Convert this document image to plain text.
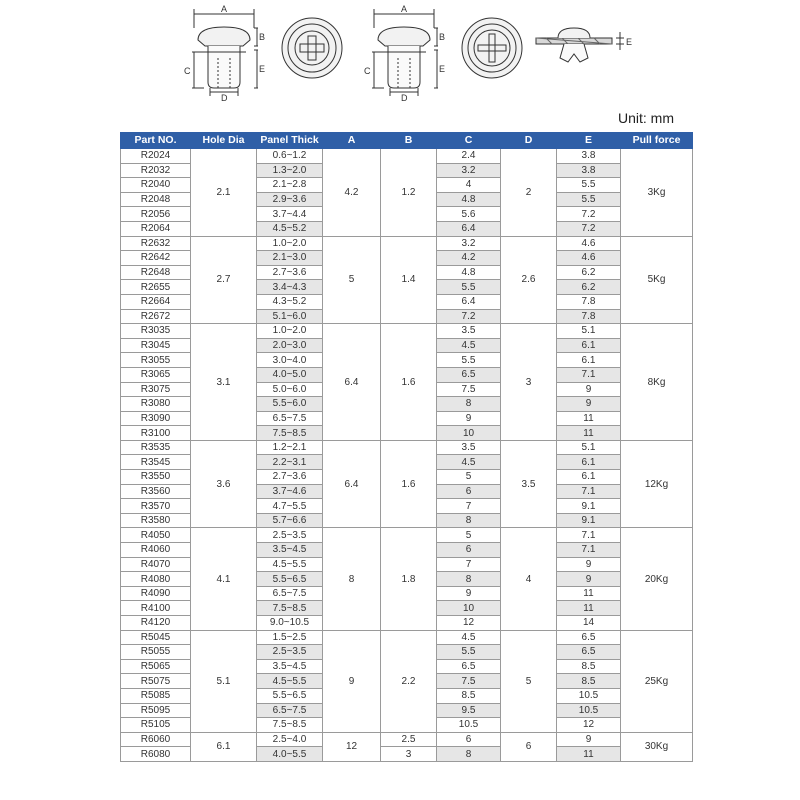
A
B
E
C
D
A
B
E
C
D
E
Unit: mm
Part NO.	Hole Dia	Panel Thick	A	B	C	D	E	Pull force
R2024	2.1	0.6~1.2	4.2	1.2	2.4	2	3.8	3Kg
R2032		1.3~2.0			3.2		3.8	
R2040		2.1~2.8			4		5.5	
R2048		2.9~3.6			4.8		5.5	
R2056		3.7~4.4			5.6		7.2	
R2064		4.5~5.2			6.4		7.2	
R2632	2.7	1.0~2.0	5	1.4	3.2	2.6	4.6	5Kg
R2642		2.1~3.0			4.2		4.6	
R2648		2.7~3.6			4.8		6.2	
R2655		3.4~4.3			5.5		6.2	
R2664		4.3~5.2			6.4		7.8	
R2672		5.1~6.0			7.2		7.8	
R3035	3.1	1.0~2.0	6.4	1.6	3.5	3	5.1	8Kg
R3045		2.0~3.0			4.5		6.1	
R3055		3.0~4.0			5.5		6.1	
R3065		4.0~5.0			6.5		7.1	
R3075		5.0~6.0			7.5		9	
R3080		5.5~6.0			8		9	
R3090		6.5~7.5			9		11	
R3100		7.5~8.5			10		11	
R3535	3.6	1.2~2.1	6.4	1.6	3.5	3.5	5.1	12Kg
R3545		2.2~3.1			4.5		6.1	
R3550		2.7~3.6			5		6.1	
R3560		3.7~4.6			6		7.1	
R3570		4.7~5.5			7		9.1	
R3580		5.7~6.6			8		9.1	
R4050	4.1	2.5~3.5	8	1.8	5	4	7.1	20Kg
R4060		3.5~4.5			6		7.1	
R4070		4.5~5.5			7		9	
R4080		5.5~6.5			8		9	
R4090		6.5~7.5			9		11	
R4100		7.5~8.5			10		11	
R4120		9.0~10.5			12		14	
R5045	5.1	1.5~2.5	9	2.2	4.5	5	6.5	25Kg
R5055		2.5~3.5			5.5		6.5	
R5065		3.5~4.5			6.5		8.5	
R5075		4.5~5.5			7.5		8.5	
R5085		5.5~6.5			8.5		10.5	
R5095		6.5~7.5			9.5		10.5	
R5105		7.5~8.5			10.5		12	
R6060	6.1	2.5~4.0	12	2.5	6	6	9	30Kg
R6080		4.0~5.5		3	8		11	
